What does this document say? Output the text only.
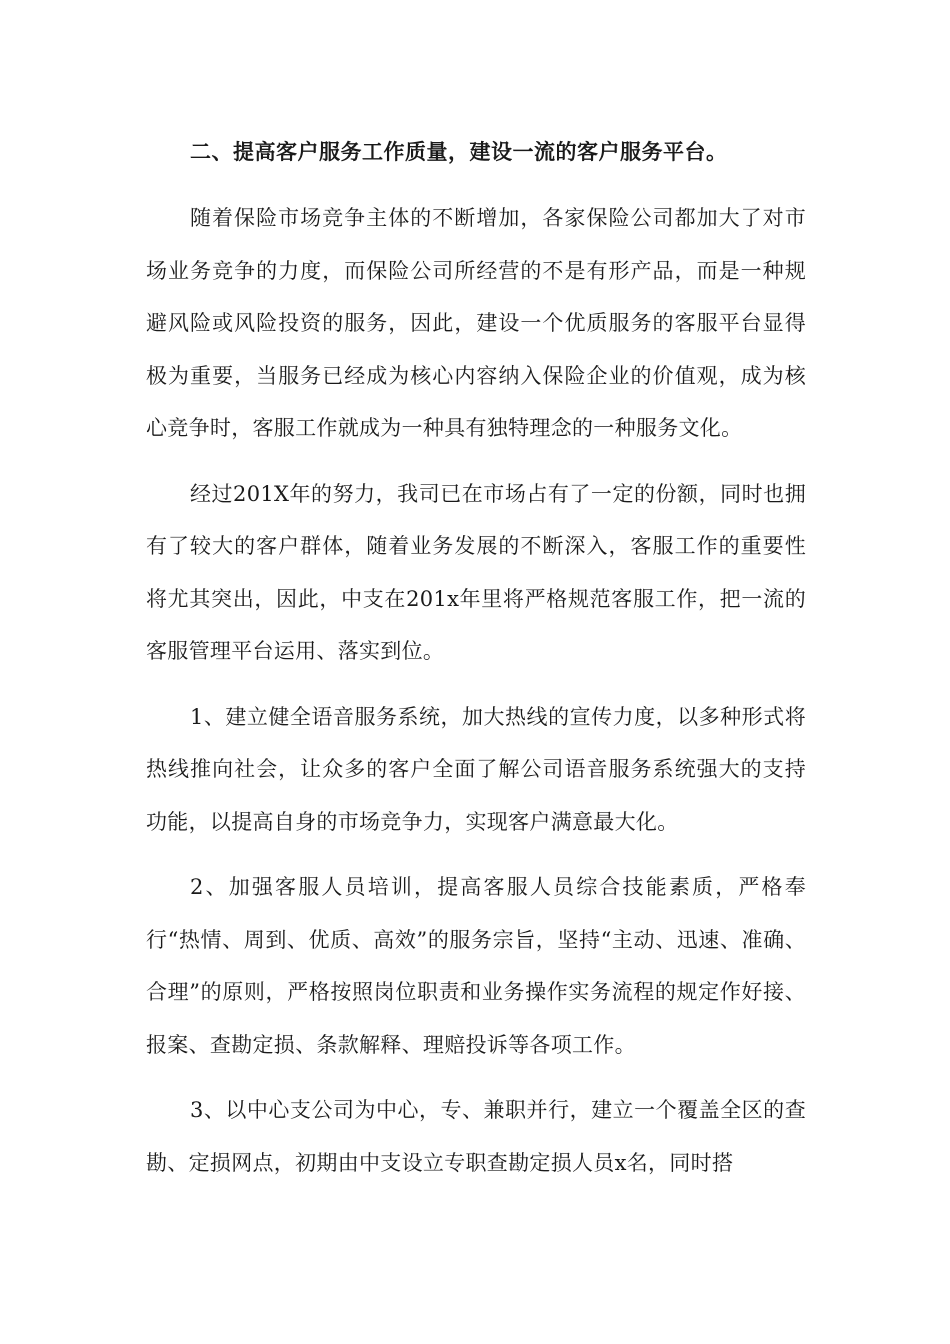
二、提高客户服务工作质量，建设一流的客户服务平台。

随着保险市场竞争主体的不断增加，各家保险公司都加大了对市场业务竞争的力度，而保险公司所经营的不是有形产品，而是一种规避风险或风险投资的服务，因此，建设一个优质服务的客服平台显得极为重要，当服务已经成为核心内容纳入保险企业的价值观，成为核心竞争时，客服工作就成为一种具有独特理念的一种服务文化。

经过201X年的努力，我司已在市场占有了一定的份额，同时也拥有了较大的客户群体，随着业务发展的不断深入，客服工作的重要性将尤其突出，因此，中支在201x年里将严格规范客服工作，把一流的客服管理平台运用、落实到位。

1、建立健全语音服务系统，加大热线的宣传力度，以多种形式将热线推向社会，让众多的客户全面了解公司语音服务系统强大的支持功能，以提高自身的市场竞争力，实现客户满意最大化。

2、加强客服人员培训，提高客服人员综合技能素质，严格奉行“热情、周到、优质、高效”的服务宗旨，坚持“主动、迅速、准确、合理”的原则，严格按照岗位职责和业务操作实务流程的规定作好接、报案、查勘定损、条款解释、理赔投诉等各项工作。

3、以中心支公司为中心，专、兼职并行，建立一个覆盖全区的查勘、定损网点，初期由中支设立专职查勘定损人员x名，同时搭
